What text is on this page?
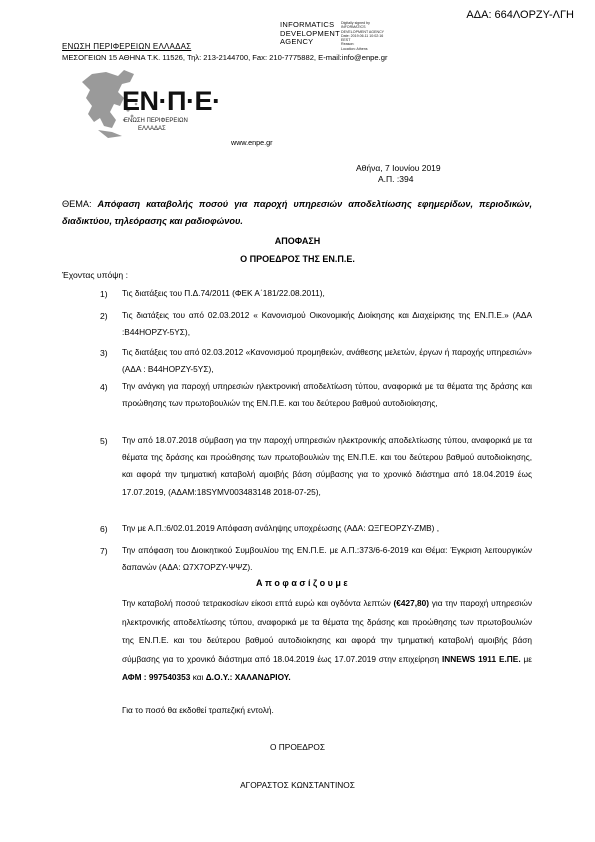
ΑΔΑ: 664ΛΟΡΖΥ-ΛΓΗ
INFORMATICS
DEVELOPMENT
AGENCY
Digitally signed by
INFORMATICS
DEVELOPMENT AGENCY
Date: 2019.06.11 10:02:16
EEST
Reason:
Location: Athens
ΕΝΩΣΗ ΠΕΡΙΦΕΡΕΙΩΝ ΕΛΛΑΔΑΣ
ΜΕΣΟΓΕΙΩΝ 15 ΑΘΗΝΑ Τ.Κ. 11526, Τηλ: 213-2144700, Fax: 210-7775882, E-mail:info@enpe.gr
ΕΝ·Π·Ε·
ΕΝΩΣΗ ΠΕΡΙΦΕΡΕΙΩΝ
ΕΛΛΑΔΑΣ
www.enpe.gr
Αθήνα, 7 Ιουνίου 2019
Α.Π. :394
ΘΕΜΑ: Απόφαση καταβολής ποσού για παροχή υπηρεσιών αποδελτίωσης εφημερίδων, περιοδικών, διαδικτύου, τηλεόρασης και ραδιοφώνου.
ΑΠΟΦΑΣΗ
Ο ΠΡΟΕΔΡΟΣ ΤΗΣ ΕΝ.Π.Ε.
Έχοντας υπόψη :
1) Τις διατάξεις του Π.Δ.74/2011 (ΦΕΚ Α΄181/22.08.2011),
2) Τις διατάξεις του από 02.03.2012 « Κανονισμού Οικονομικής Διοίκησης και Διαχείρισης της ΕΝ.Π.Ε.» (ΑΔΑ :Β44ΗΟΡΖΥ-5ΥΣ),
3) Τις διατάξεις του από 02.03.2012 «Κανονισμού προμηθειών, ανάθεσης μελετών, έργων ή παροχής υπηρεσιών» (ΑΔΑ : Β44ΗΟΡΖΥ-5ΥΣ),
4) Την ανάγκη για παροχή υπηρεσιών ηλεκτρονική αποδελτίωση τύπου, αναφορικά με τα θέματα της δράσης και προώθησης των πρωτοβουλιών της ΕΝ.Π.Ε. και του δεύτερου βαθμού αυτοδιοίκησης,
5) Την από 18.07.2018 σύμβαση για την παροχή υπηρεσιών ηλεκτρονικής αποδελτίωσης τύπου, αναφορικά με τα θέματα της δράσης και προώθησης των πρωτοβουλιών της ΕΝ.Π.Ε. και του δεύτερου βαθμού αυτοδιοίκησης, και αφορά την τμηματική καταβολή αμοιβής βάση σύμβασης για το χρονικό διάστημα από 18.04.2019 έως 17.07.2019, (ΑΔΑΜ:18SYMV003483148 2018-07-25),
6) Την με Α.Π.:6/02.01.2019 Απόφαση ανάληψης υποχρέωσης (ΑΔΑ: ΩΞΓΕΟΡΖΥ-ΖΜΒ) ,
7) Την απόφαση του Διοικητικού Συμβουλίου της ΕΝ.Π.Ε. με Α.Π.:373/6-6-2019 και Θέμα: Έγκριση λειτουργικών δαπανών (ΑΔΑ: Ω7Χ7ΟΡΖΥ-ΨΨΖ).
Α π ο φ α σ ί ζ ο υ μ ε
Την καταβολή ποσού τετρακοσίων είκοσι επτά ευρώ και ογδόντα λεπτών (€427,80) για την παροχή υπηρεσιών ηλεκτρονικής αποδελτίωσης τύπου, αναφορικά με τα θέματα της δράσης και προώθησης των πρωτοβουλιών της ΕΝ.Π.Ε. και του δεύτερου βαθμού αυτοδιοίκησης και αφορά την τμηματική καταβολή αμοιβής βάση σύμβασης για το χρονικό διάστημα από 18.04.2019 έως 17.07.2019 στην επιχείρηση INNEWS 1911 Ε.ΠΕ. με ΑΦΜ : 997540353 και Δ.Ο.Υ.: ΧΑΛΑΝΔΡΙΟΥ.
Για το ποσό θα εκδοθεί τραπεζική εντολή.
Ο ΠΡΟΕΔΡΟΣ
ΑΓΟΡΑΣΤΟΣ ΚΩΝΣΤΑΝΤΙΝΟΣ
